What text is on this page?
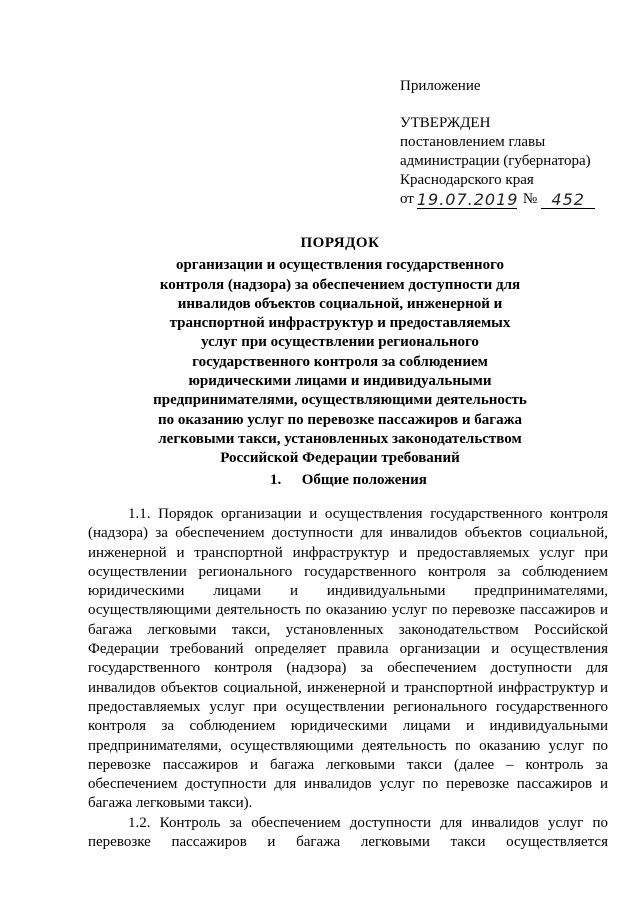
Приложение
УТВЕРЖДЕН
постановлением главы
администрации (губернатора)
Краснодарского края
от 19.07.2019 № 452
ПОРЯДОК
организации и осуществления государственного
контроля (надзора) за обеспечением доступности для
инвалидов объектов социальной, инженерной и
транспортной инфраструктур и предоставляемых
услуг при осуществлении регионального
государственного контроля за соблюдением
юридическими лицами и индивидуальными
предпринимателями, осуществляющими деятельность
по оказанию услуг по перевозке пассажиров и багажа
легковыми такси, установленных законодательством
Российской Федерации требований
1. Общие положения

1.1. Порядок организации и осуществления государственного контроля (надзора) за обеспечением доступности для инвалидов объектов социальной, инженерной и транспортной инфраструктур и предоставляемых услуг при осуществлении регионального государственного контроля за соблюдением юридическими лицами и индивидуальными предпринимателями, осуществляющими деятельность по оказанию услуг по перевозке пассажиров и багажа легковыми такси, установленных законодательством Российской Федерации требований определяет правила организации и осуществления государственного контроля (надзора) за обеспечением доступности для инвалидов объектов социальной, инженерной и транспортной инфраструктур и предоставляемых услуг при осуществлении регионального государственного контроля за соблюдением юридическими лицами и индивидуальными предпринимателями, осуществляющими деятельность по оказанию услуг по перевозке пассажиров и багажа легковыми такси (далее – контроль за обеспечением доступности для инвалидов услуг по перевозке пассажиров и багажа легковыми такси).

1.2. Контроль за обеспечением доступности для инвалидов услуг по перевозке пассажиров и багажа легковыми такси осуществляется
